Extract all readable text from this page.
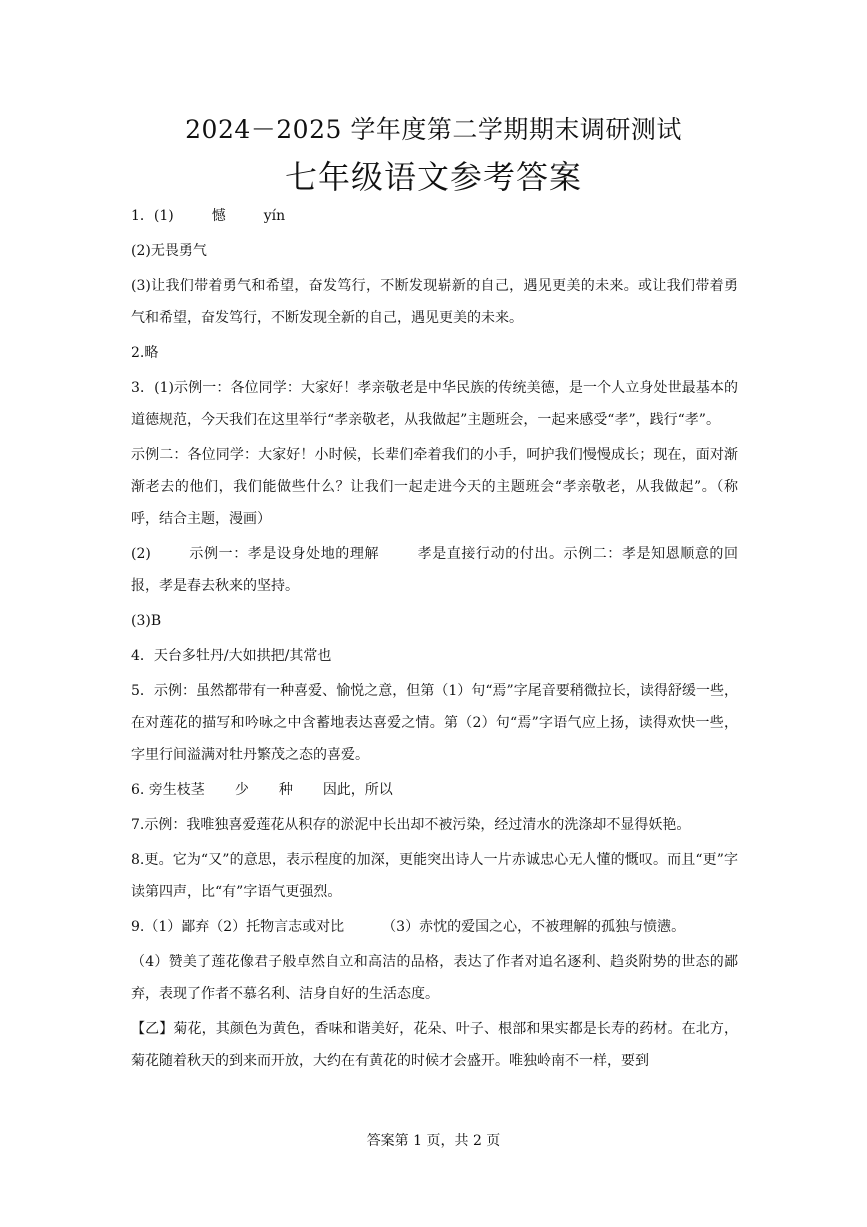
2024－2025 学年度第二学期期末调研测试
七年级语文参考答案

1．(1)	憾	yín

(2)无畏勇气

(3)让我们带着勇气和希望，奋发笃行，不断发现崭新的自己，遇见更美的未来。或让我们带着勇气和希望，奋发笃行，不断发现全新的自己，遇见更美的未来。

2.略

3．(1)示例一：各位同学：大家好！孝亲敬老是中华民族的传统美德，是一个人立身处世最基本的道德规范，今天我们在这里举行“孝亲敬老，从我做起”主题班会，一起来感受“孝”，践行“孝”。

示例二：各位同学：大家好！小时候，长辈们牵着我们的小手，呵护我们慢慢成长；现在，面对渐渐老去的他们，我们能做些什么？让我们一起走进今天的主题班会“孝亲敬老，从我做起”。（称呼，结合主题，漫画）

(2)	示例一：孝是设身处地的理解	孝是直接行动的付出。示例二：孝是知恩顺意的回报，孝是春去秋来的坚持。

(3)B

4．天台多牡丹/大如拱把/其常也

5．示例：虽然都带有一种喜爱、愉悦之意，但第（1）句“焉”字尾音要稍微拉长，读得舒缓一些，在对莲花的描写和吟咏之中含蓄地表达喜爱之情。第（2）句“焉”字语气应上扬，读得欢快一些，字里行间溢满对牡丹繁茂之态的喜爱。

6. 旁生枝茎 少 种 因此，所以

7.示例：我唯独喜爱莲花从积存的淤泥中长出却不被污染，经过清水的洗涤却不显得妖艳。

8.更。它为“又”的意思，表示程度的加深，更能突出诗人一片赤诚忠心无人懂的慨叹。而且“更”字读第四声，比“有”字语气更强烈。

9.（1）鄙弃（2）托物言志或对比	（3）赤忱的爱国之心，不被理解的孤独与愤懑。

（4）赞美了莲花像君子般卓然自立和高洁的品格，表达了作者对追名逐利、趋炎附势的世态的鄙弃，表现了作者不慕名利、洁身自好的生活态度。

【乙】菊花，其颜色为黄色，香味和谐美好，花朵、叶子、根部和果实都是长寿的药材。在北方，菊花随着秋天的到来而开放，大约在有黄花的时候才会盛开。唯独岭南不一样，要到

答案第 1 页，共 2 页
